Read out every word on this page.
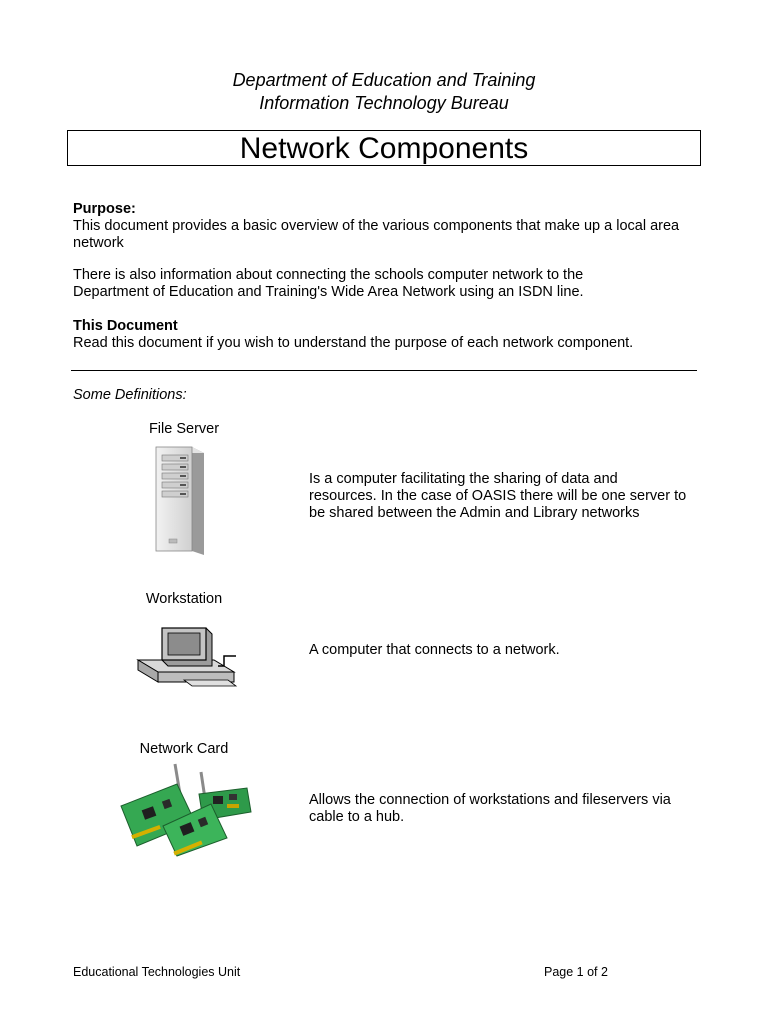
Department of Education and Training
Information Technology Bureau
Network Components
Purpose:
This document provides a basic overview of the various components that make up a local area network
There is also information about connecting the schools computer network to the Department of Education and Training's Wide Area Network using an ISDN line.
This Document
Read this document if you wish to understand the purpose of each network component.
Some Definitions:
File Server
Is a computer facilitating the sharing of data and resources. In the case of OASIS there will be one server to be shared between the Admin and Library networks
Workstation
A computer that connects to a network.
Network Card
Allows the connection of workstations and fileservers via cable to a hub.
Educational Technologies Unit	Page 1 of 2
